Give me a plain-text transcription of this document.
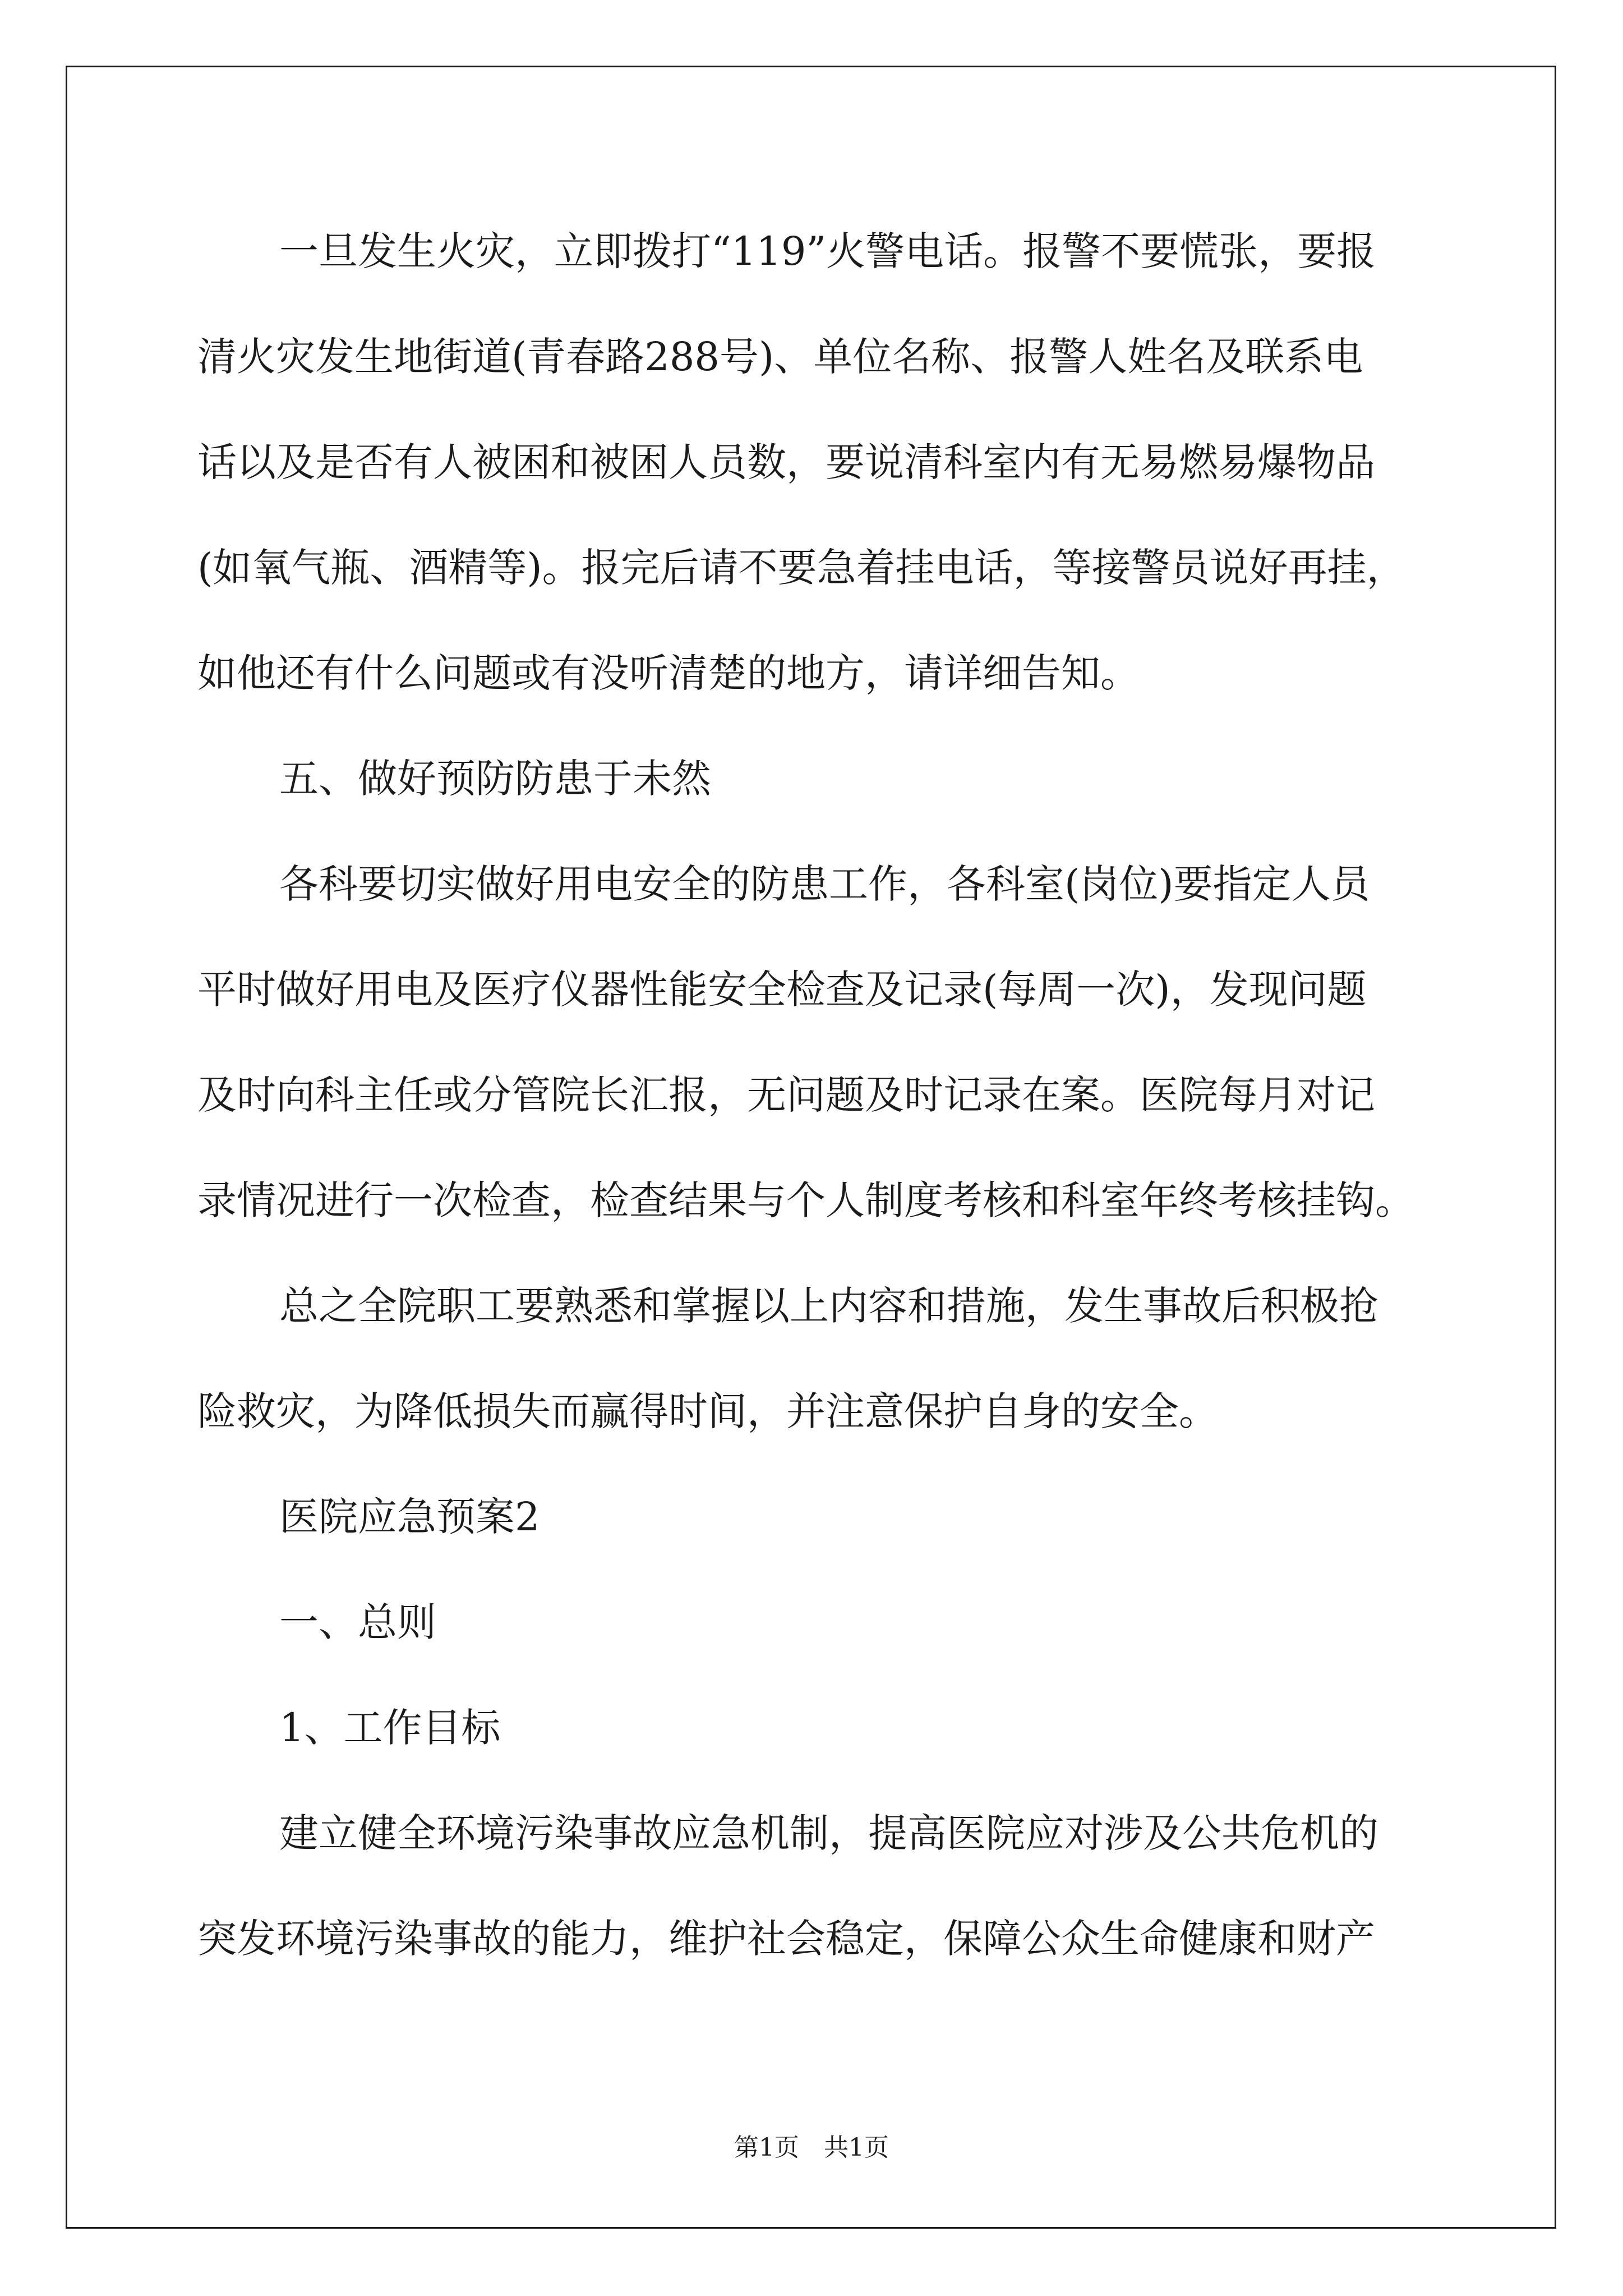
一旦发生火灾，立即拨打“119”火警电话。报警不要慌张，要报
清火灾发生地街道(青春路288号)、单位名称、报警人姓名及联系电
话以及是否有人被困和被困人员数，要说清科室内有无易燃易爆物品
(如氧气瓶、酒精等)。报完后请不要急着挂电话，等接警员说好再挂，
如他还有什么问题或有没听清楚的地方，请详细告知。
五、做好预防防患于未然
各科要切实做好用电安全的防患工作，各科室(岗位)要指定人员
平时做好用电及医疗仪器性能安全检查及记录(每周一次)，发现问题
及时向科主任或分管院长汇报，无问题及时记录在案。医院每月对记
录情况进行一次检查，检查结果与个人制度考核和科室年终考核挂钩。
总之全院职工要熟悉和掌握以上内容和措施，发生事故后积极抢
险救灾，为降低损失而赢得时间，并注意保护自身的安全。
医院应急预案2
一、总则
1、工作目标
建立健全环境污染事故应急机制，提高医院应对涉及公共危机的
突发环境污染事故的能力，维护社会稳定，保障公众生命健康和财产
第1页　共1页
